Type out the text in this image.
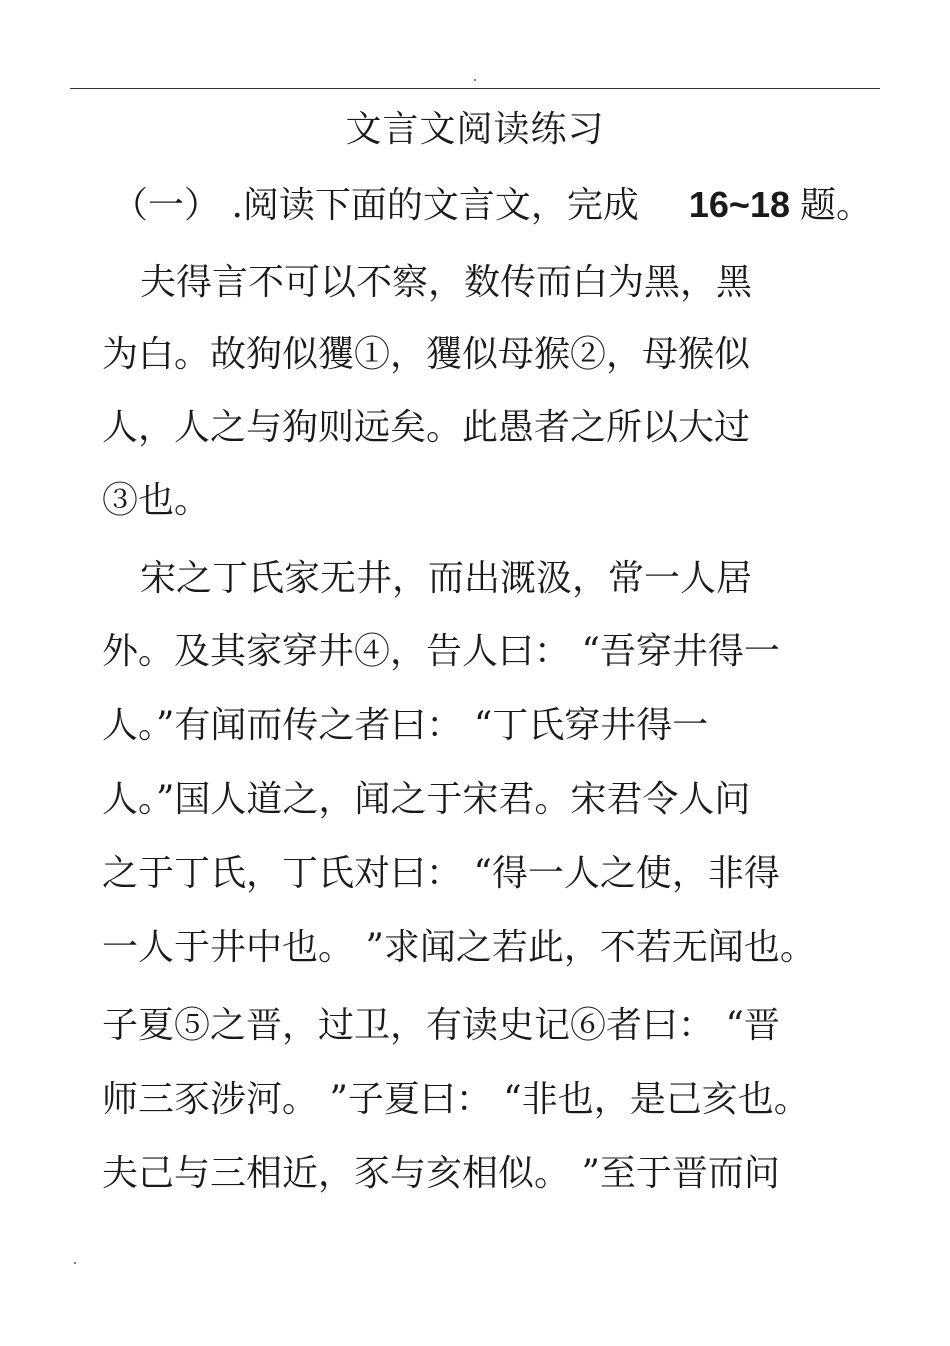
文言文阅读练习
（一） .阅读下面的文言文，完成 16~18 题。
夫得言不可以不察，数传而白为黑，黑
为白。故狗似玃①，玃似母猴②，母猴似
人，人之与狗则远矣。此愚者之所以大过
③也。
宋之丁氏家无井，而出溉汲，常一人居
外。及其家穿井④，告人曰： “吾穿井得一
人。”有闻而传之者曰： “丁氏穿井得一
人。”国人道之，闻之于宋君。宋君令人问
之于丁氏，丁氏对曰： “得一人之使，非得
一人于井中也。 ”求闻之若此，不若无闻也。
子夏⑤之晋，过卫，有读史记⑥者曰： “晋
师三豕涉河。 ”子夏曰： “非也，是己亥也。
夫己与三相近，豕与亥相似。 ”至于晋而问
